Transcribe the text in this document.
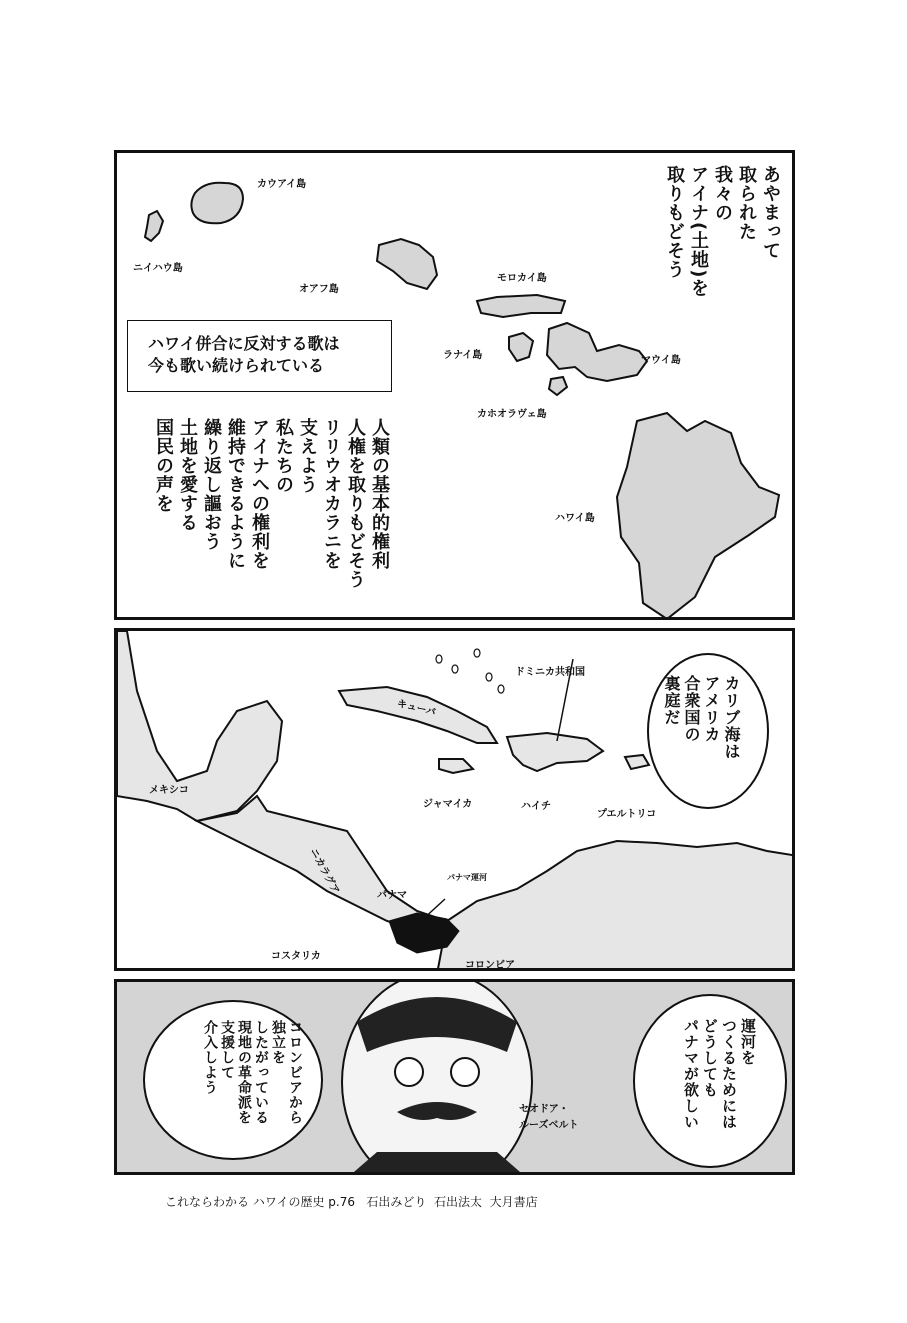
カウアイ島
ニイハウ島
オアフ島
モロカイ島
ラナイ島	マウイ島
カホオラヴェ島
ハワイ島
ハワイ併合に反対する歌は
今も歌い続けられている
あやまって
取られた
我々の
アイナ(土地)を
取りもどそう
人類の基本的権利
人権を取りもどそう
リリウオカラニを
支えよう
私たちの
アイナへの権利を
維持できるように
繰り返し謳おう
土地を愛する
国民の声を
ドミニカ共和国
キューバ
メキシコ
ジャマイカ	ハイチ
プエルトリコ
ニカラグア	パナマ運河
パナマ
コスタリカ
コロンビア
カリブ海は
アメリカ
合衆国の
裏庭だ
コロンビアから
独立を
したがっている
現地の革命派を
支援して
介入しよう	運河を
つくるためには
どうしても
パナマが欲しい
セオドア・
ルーズベルト
これならわかる ハワイの歴史 p.76   石出みどり  石出法太  大月書店
